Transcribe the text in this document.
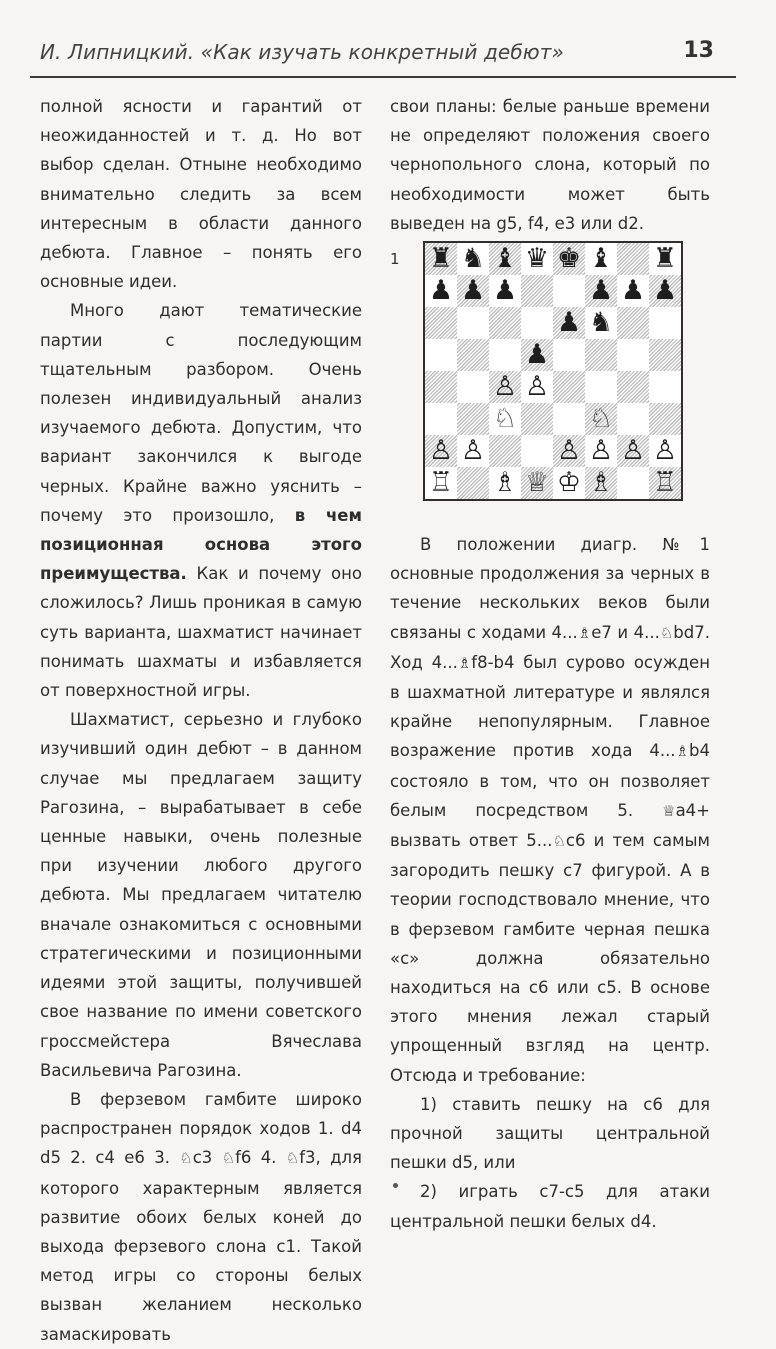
И. Липницкий. «Как изучать конкретный дебют»	13

полной ясности и гарантий от неожиданностей и т. д. Но вот выбор сделан. Отныне необходимо внимательно следить за всем интересным в области данного дебюта. Главное – понять его основные идеи.

Много дают тематические партии с последующим тщательным разбором. Очень полезен индивидуальный анализ изучаемого дебюта. Допустим, что вариант закончился к выгоде черных. Крайне важно уяснить – почему это произошло, в чем позиционная основа этого преимущества. Как и почему оно сложилось? Лишь проникая в самую суть варианта, шахматист начинает понимать шахматы и избавляется от поверхностной игры.

Шахматист, серьезно и глубоко изучивший один дебют – в данном случае мы предлагаем защиту Рагозина, – вырабатывает в себе ценные навыки, очень полезные при изучении любого другого дебюта. Мы предлагаем читателю вначале ознакомиться с основными стратегическими и позиционными идеями этой защиты, получившей свое название по имени советского гроссмейстера Вячеслава Васильевича Рагозина.

В ферзевом гамбите широко распространен порядок ходов 1. d4 d5 2. c4 e6 3. ♘c3 ♘f6 4. ♘f3, для которого характерным является развитие обоих белых коней до выхода ферзевого слона c1. Такой метод игры со стороны белых вызван желанием несколько замаскировать

свои планы: белые раньше времени не определяют положения своего чернопольного слона, который по необходимости может быть выведен на g5, f4, e3 или d2.

1 ♜ ♞ ♝ ♛ ♚ ♝ ♜
♟ ♟ ♟	♟ ♟ ♟
♟ ♞
♟
♙ ♙
♘	♘
♙ ♙	♙ ♙ ♙ ♙
♖ ♗ ♕ ♔ ♗ ♖

В положении диагр. №1 основные продолжения за черных в течение нескольких веков были связаны с ходами 4...♗e7 и 4...♘bd7. Ход 4...♗f8-b4 был сурово осужден в шахматной литературе и являлся крайне непопулярным. Главное возражение против хода 4...♗b4 состояло в том, что он позволяет белым посредством 5. ♕a4+ вызвать ответ 5...♘c6 и тем самым загородить пешку c7 фигурой. А в теории господствовало мнение, что в ферзевом гамбите черная пешка «c» должна обязательно находиться на c6 или c5. В основе этого мнения лежал старый упрощенный взгляд на центр. Отсюда и требование:

1) ставить пешку на c6 для прочной защиты центральной пешки d5, или

2) играть c7-c5 для атаки центральной пешки белых d4.
